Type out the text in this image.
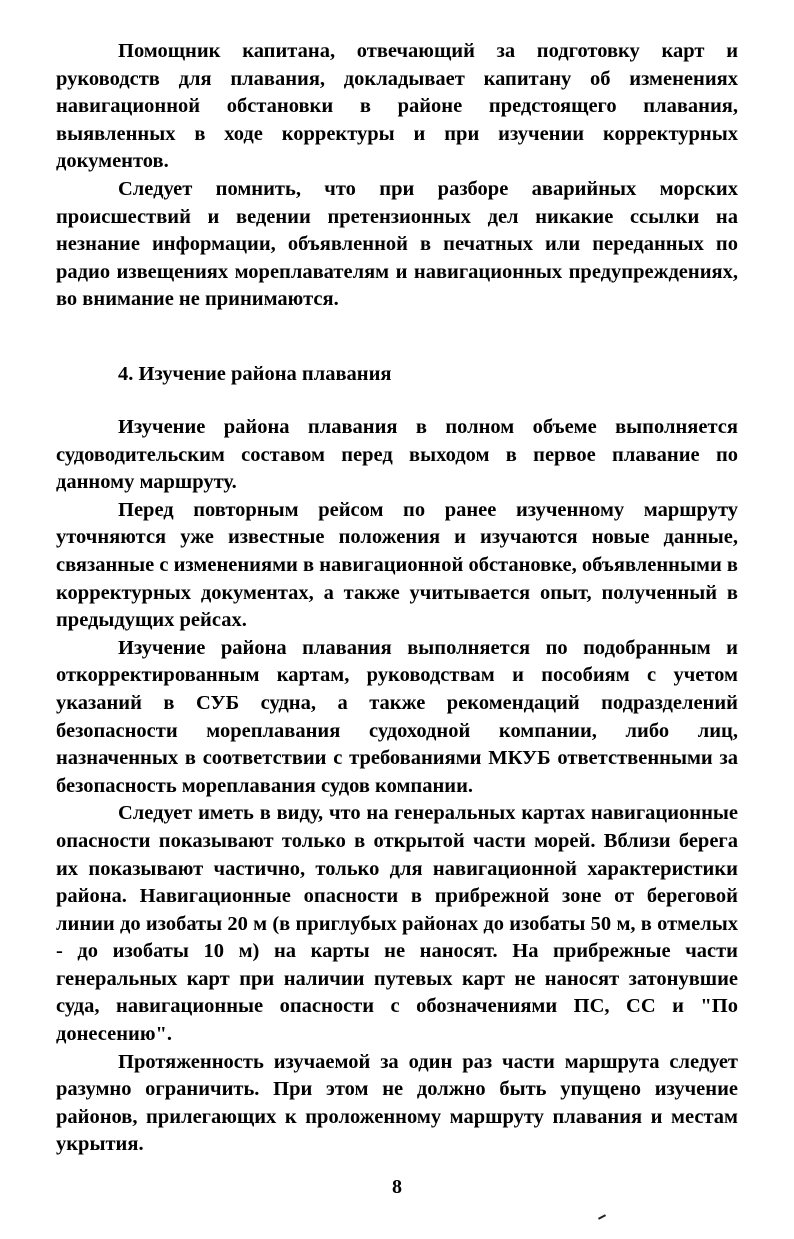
Помощник капитана, отвечающий за подготовку карт и руководств для плавания, докладывает капитану об изменениях навигационной обстановки в районе предстоящего плавания, выявленных в ходе корректуры и при изучении корректурных документов.

Следует помнить, что при разборе аварийных морских происшествий и ведении претензионных дел никакие ссылки на незнание информации, объявленной в печатных или переданных по радио извещениях мореплавателям и навигационных предупреждениях, во внимание не принимаются.

4. Изучение района плавания

Изучение района плавания в полном объеме выполняется судоводительским составом перед выходом в первое плавание по данному маршруту.

Перед повторным рейсом по ранее изученному маршруту уточняются уже известные положения и изучаются новые данные, связанные с изменениями в навигационной обстановке, объявленными в корректурных документах, а также учитывается опыт, полученный в предыдущих рейсах.

Изучение района плавания выполняется по подобранным и откорректированным картам, руководствам и пособиям с учетом указаний в СУБ судна, а также рекомендаций подразделений безопасности мореплавания судоходной компании, либо лиц, назначенных в соответствии с требованиями МКУБ ответственными за безопасность мореплавания судов компании.

Следует иметь в виду, что на генеральных картах навигационные опасности показывают только в открытой части морей. Вблизи берега их показывают частично, только для навигационной характеристики района. Навигационные опасности в прибрежной зоне от береговой линии до изобаты 20 м (в приглубых районах до изобаты 50 м, в отмелых - до изобаты 10 м) на карты не наносят. На прибрежные части генеральных карт при наличии путевых карт не наносят затонувшие суда, навигационные опасности с обозначениями ПС, СС и "По донесению".

Протяженность изучаемой за один раз части маршрута следует разумно ограничить. При этом не должно быть упущено изучение районов, прилегающих к проложенному маршруту плавания и местам укрытия.

8
